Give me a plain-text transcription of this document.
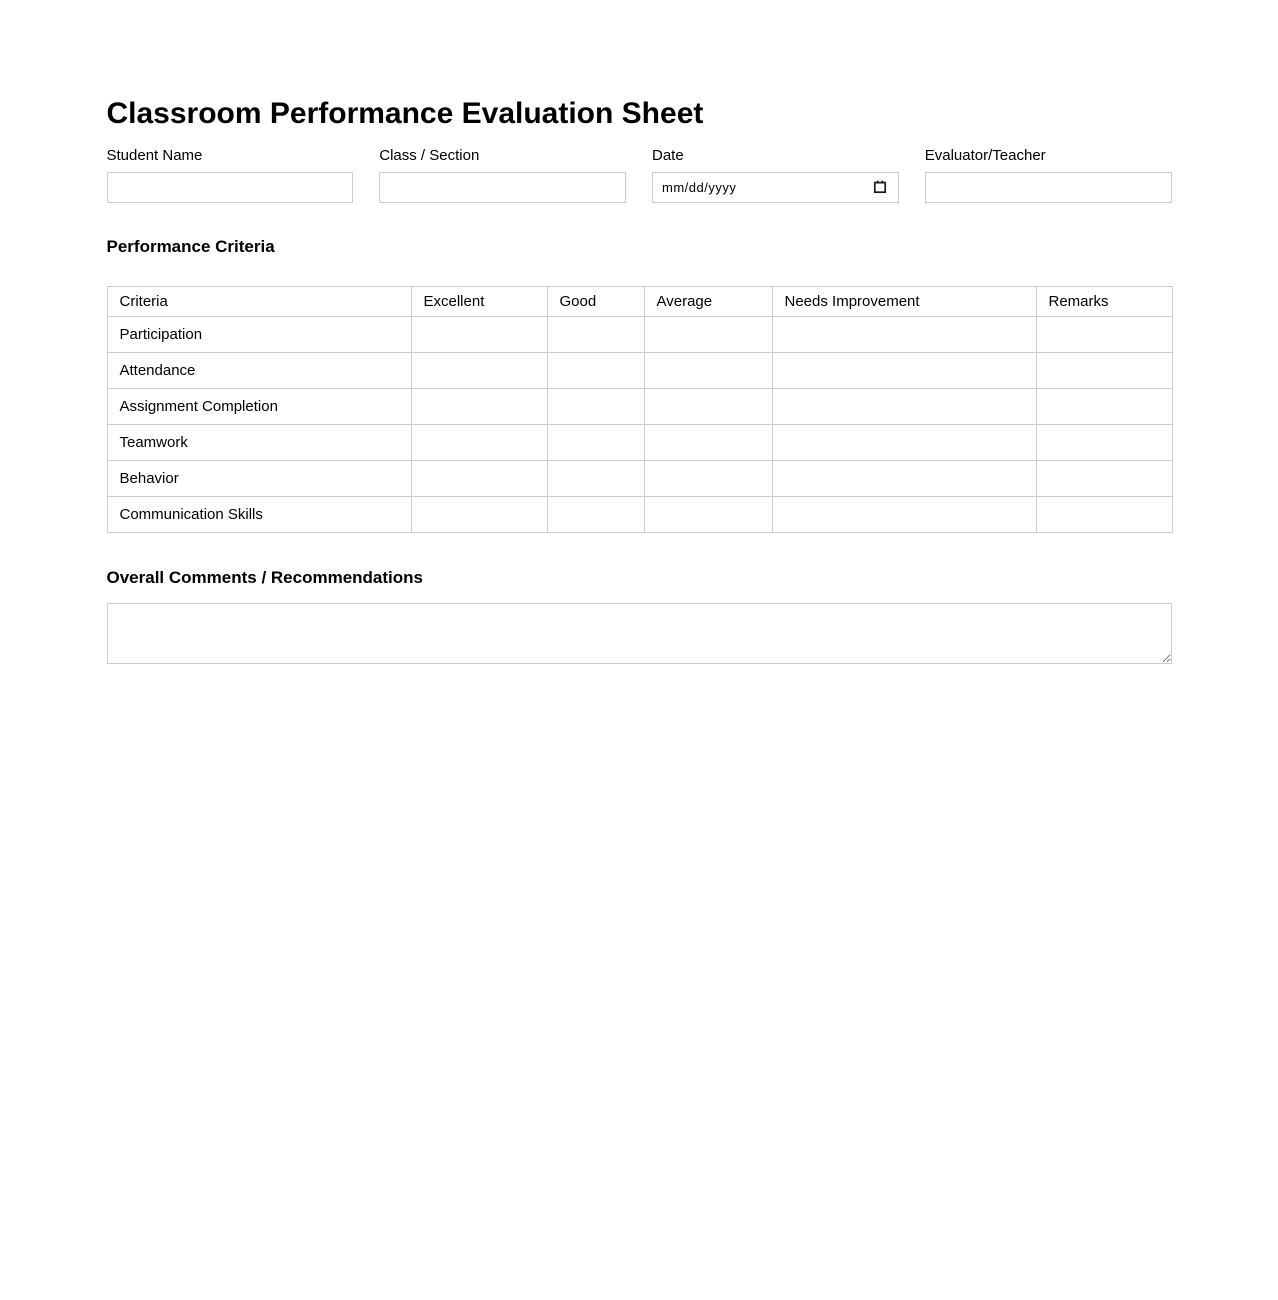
Classroom Performance Evaluation Sheet
Student Name	Class / Section	Date
mm/dd/yyyy
Evaluator/Teacher
Performance Criteria
Criteria	Excellent	Good	Average	Needs Improvement	Remarks
Participation					
Attendance					
Assignment Completion					
Teamwork					
Behavior					
Communication Skills					
Overall Comments / Recommendations
